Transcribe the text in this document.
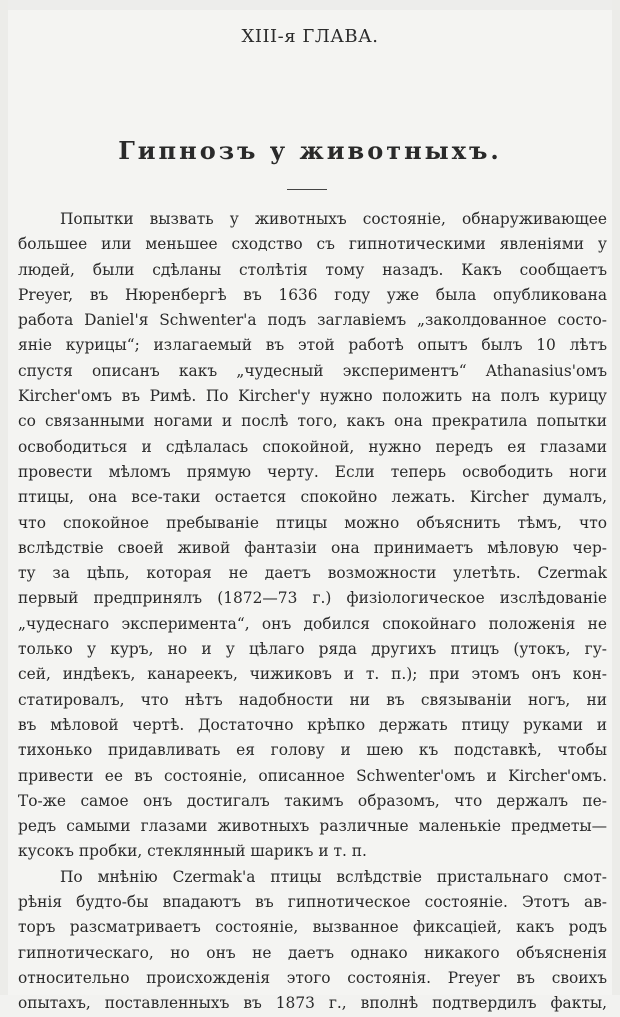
XIII-я ГЛАВА.
Гипнозъ у животныхъ.
Попытки вызвать у животныхъ состоянiе, обнаруживающее
большее или меньшее сходство съ гипнотическими явленiями у
людей, были сдѣланы столѣтiя тому назадъ. Какъ сообщаетъ
Preyer, въ Нюренбергѣ въ 1636 году уже была опубликована
работа Daniel'я Schwenter'а подъ заглавiемъ „заколдованное состо-
янiе курицы“; излагаемый въ этой работѣ опытъ былъ 10 лѣтъ
спустя описанъ какъ „чудесный экспериментъ“ Athanasius'омъ
Kircher'омъ въ Римѣ. По Kircher'у нужно положить на полъ курицу
со связанными ногами и послѣ того, какъ она прекратила попытки
освободиться и сдѣлалась спокойной, нужно передъ ея глазами
провести мѣломъ прямую черту. Если теперь освободить ноги
птицы, она все-таки остается спокойно лежать. Kircher думалъ,
что спокойное пребыванiе птицы можно объяснить тѣмъ, что
вслѣдствiе своей живой фантазiи она принимаетъ мѣловую чер-
ту за цѣпь, которая не даетъ возможности улетѣть. Czermak
первый предпринялъ (1872—73 г.) физiологическое изслѣдованiе
„чудеснаго эксперимента“, онъ добился спокойнаго положенiя не
только у куръ, но и у цѣлаго ряда другихъ птицъ (утокъ, гу-
сей, индѣекъ, канареекъ, чижиковъ и т. п.); при этомъ онъ кон-
статировалъ, что нѣтъ надобности ни въ связыванiи ногъ, ни
въ мѣловой чертѣ. Достаточно крѣпко держать птицу руками и
тихонько придавливать ея голову и шею къ подставкѣ, чтобы
привести ее въ состоянiе, описанное Schwenter'омъ и Kircher'омъ.
То-же самое онъ достигалъ такимъ образомъ, что держалъ пе-
редъ самыми глазами животныхъ различные маленькiе предметы—
кусокъ пробки, стеклянный шарикъ и т. п.
По мнѣнiю Czermak'а птицы вслѣдствiе пристальнаго смот-
рѣнiя будто-бы впадаютъ въ гипнотическое состоянiе. Этотъ ав-
торъ разсматриваетъ состоянiе, вызванное фиксацiей, какъ родъ
гипнотическаго, но онъ не даетъ однако никакого объясненiя
относительно происхожденiя этого состоянiя. Preyer въ своихъ
опытахъ, поставленныхъ въ 1873 г., вполнѣ подтвердилъ факты,
